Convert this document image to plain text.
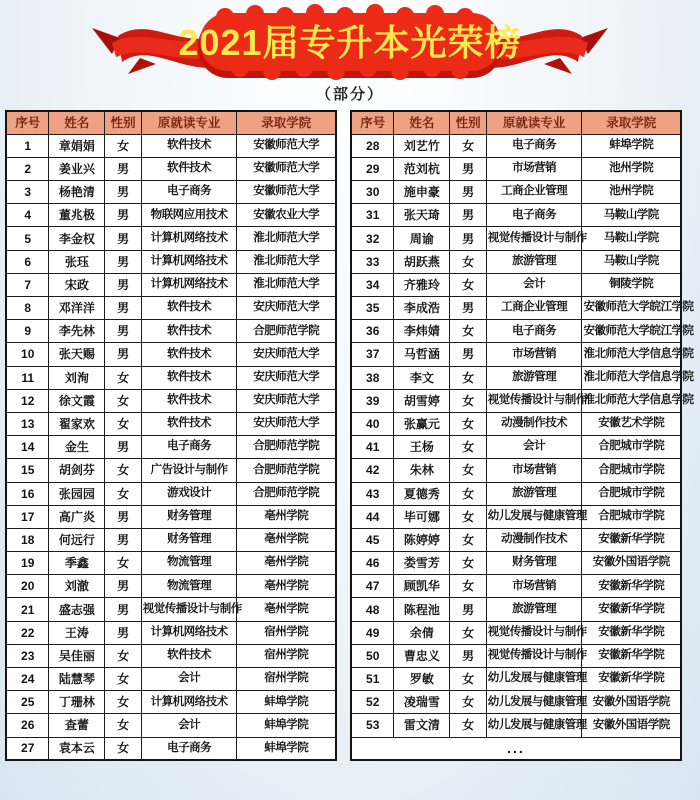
2021届专升本光荣榜
（部分）
序号	姓名	性别	原就读专业	录取学院
1	章娟娟	女	软件技术	安徽师范大学
2	姜业兴	男	软件技术	安徽师范大学
3	杨艳清	男	电子商务	安徽师范大学
4	董兆极	男	物联网应用技术	安徽农业大学
5	李金权	男	计算机网络技术	淮北师范大学
6	张珏	男	计算机网络技术	淮北师范大学
7	宋政	男	计算机网络技术	淮北师范大学
8	邓洋洋	男	软件技术	安庆师范大学
9	李先林	男	软件技术	合肥师范学院
10	张天赐	男	软件技术	安庆师范大学
11	刘洵	女	软件技术	安庆师范大学
12	徐文霞	女	软件技术	安庆师范大学
13	翟家欢	女	软件技术	安庆师范大学
14	金生	男	电子商务	合肥师范学院
15	胡剑芬	女	广告设计与制作	合肥师范学院
16	张园园	女	游戏设计	合肥师范学院
17	高广炎	男	财务管理	亳州学院
18	何远行	男	财务管理	亳州学院
19	季鑫	女	物流管理	亳州学院
20	刘澈	男	物流管理	亳州学院
21	盛志强	男	视觉传播设计与制作	亳州学院
22	王涛	男	计算机网络技术	宿州学院
23	吴佳丽	女	软件技术	宿州学院
24	陆慧琴	女	会计	宿州学院
25	丁珊林	女	计算机网络技术	蚌埠学院
26	查蕾	女	会计	蚌埠学院
27	袁本云	女	电子商务	蚌埠学院
序号	姓名	性别	原就读专业	录取学院
28	刘艺竹	女	电子商务	蚌埠学院
29	范刘杭	男	市场营销	池州学院
30	施申豪	男	工商企业管理	池州学院
31	张天琦	男	电子商务	马鞍山学院
32	周谕	男	视觉传播设计与制作	马鞍山学院
33	胡跃燕	女	旅游管理	马鞍山学院
34	齐雅玲	女	会计	铜陵学院
35	李成浩	男	工商企业管理	安徽师范大学皖江学院
36	李炜婧	女	电子商务	安徽师范大学皖江学院
37	马哲涵	男	市场营销	淮北师范大学信息学院
38	李文	女	旅游管理	淮北师范大学信息学院
39	胡雪婷	女	视觉传播设计与制作	淮北师范大学信息学院
40	张赢元	女	动漫制作技术	安徽艺术学院
41	王杨	女	会计	合肥城市学院
42	朱林	女	市场营销	合肥城市学院
43	夏德秀	女	旅游管理	合肥城市学院
44	毕可娜	女	幼儿发展与健康管理	合肥城市学院
45	陈婷婷	女	动漫制作技术	安徽新华学院
46	娄雪芳	女	财务管理	安徽外国语学院
47	顾凯华	女	市场营销	安徽新华学院
48	陈程池	男	旅游管理	安徽新华学院
49	余倩	女	视觉传播设计与制作	安徽新华学院
50	曹忠义	男	视觉传播设计与制作	安徽新华学院
51	罗敏	女	幼儿发展与健康管理	安徽新华学院
52	凌瑞雪	女	幼儿发展与健康管理	安徽外国语学院
53	雷文清	女	幼儿发展与健康管理	安徽外国语学院
...				
